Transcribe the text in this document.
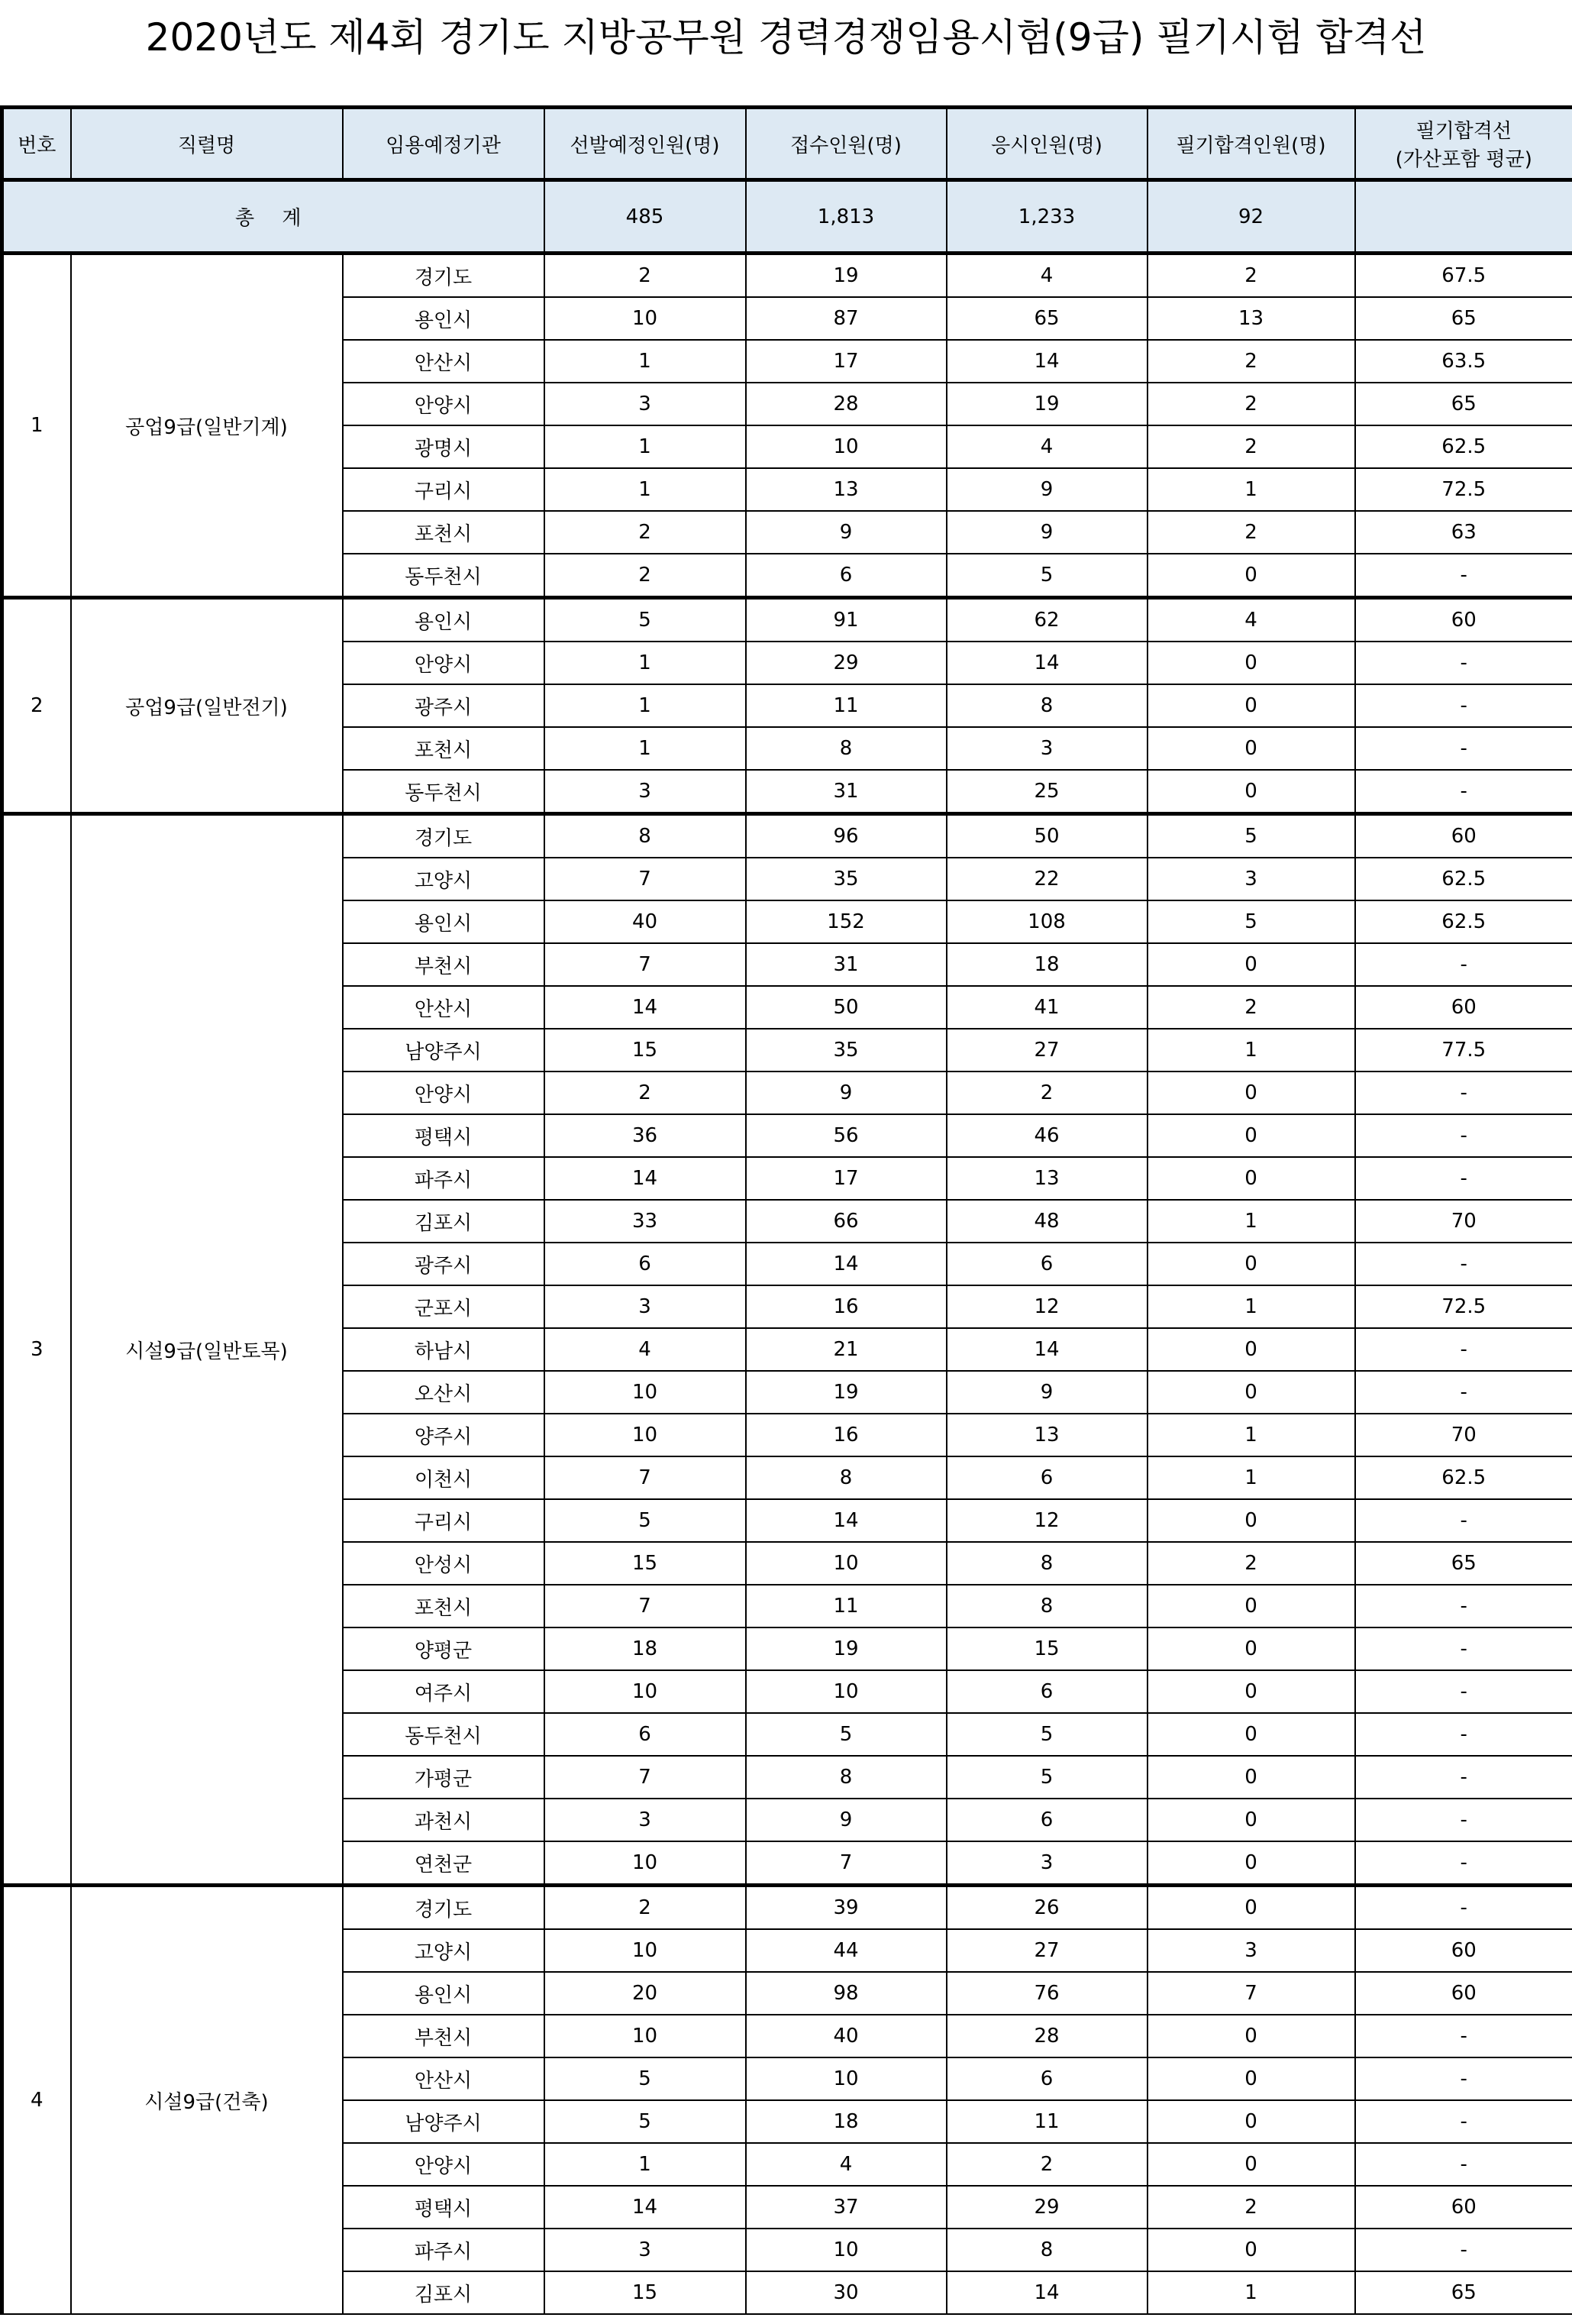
2020년도 제4회 경기도 지방공무원 경력경쟁임용시험(9급) 필기시험 합격선
번호	직렬명	임용예정기관	선발예정인원(명)	접수인원(명)	응시인원(명)	필기합격인원(명)	필기합격선
(가산포함 평균)

총 계			485	1,813	1,233	92	
1	공업9급(일반기계)	경기도	2	19	4	2	67.5
		용인시	10	87	65	13	65
		안산시	1	17	14	2	63.5
		안양시	3	28	19	2	65
		광명시	1	10	4	2	62.5
		구리시	1	13	9	1	72.5
		포천시	2	9	9	2	63
		동두천시	2	6	5	0	-
2	공업9급(일반전기)	용인시	5	91	62	4	60
		안양시	1	29	14	0	-
		광주시	1	11	8	0	-
		포천시	1	8	3	0	-
		동두천시	3	31	25	0	-
3	시설9급(일반토목)	경기도	8	96	50	5	60
		고양시	7	35	22	3	62.5
		용인시	40	152	108	5	62.5
		부천시	7	31	18	0	-
		안산시	14	50	41	2	60
		남양주시	15	35	27	1	77.5
		안양시	2	9	2	0	-
		평택시	36	56	46	0	-
		파주시	14	17	13	0	-
		김포시	33	66	48	1	70
		광주시	6	14	6	0	-
		군포시	3	16	12	1	72.5
		하남시	4	21	14	0	-
		오산시	10	19	9	0	-
		양주시	10	16	13	1	70
		이천시	7	8	6	1	62.5
		구리시	5	14	12	0	-
		안성시	15	10	8	2	65
		포천시	7	11	8	0	-
		양평군	18	19	15	0	-
		여주시	10	10	6	0	-
		동두천시	6	5	5	0	-
		가평군	7	8	5	0	-
		과천시	3	9	6	0	-
		연천군	10	7	3	0	-
4	시설9급(건축)	경기도	2	39	26	0	-
		고양시	10	44	27	3	60
		용인시	20	98	76	7	60
		부천시	10	40	28	0	-
		안산시	5	10	6	0	-
		남양주시	5	18	11	0	-
		안양시	1	4	2	0	-
		평택시	14	37	29	2	60
		파주시	3	10	8	0	-
		김포시	15	30	14	1	65
